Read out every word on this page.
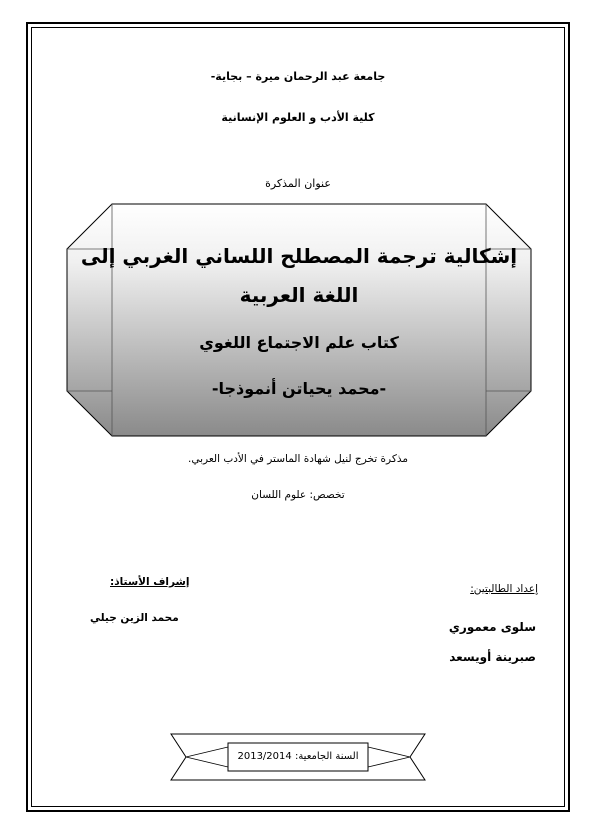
جامعة عبد الرحمان ميرة – بجاية-
كلية الأدب و العلوم الإنسانية
عنوان المذكرة
إشكالية ترجمة المصطلح اللساني الغربي إلى
اللغة العربية
كتاب علم الاجتماع اللغوي
-محمد يحياتن أنموذجا-
مذكرة تخرج لنيل شهادة الماستر في الأدب العربي.
تخصص: علوم اللسان
إشراف الأستاذ:
محمد الزين جيلي
إعداد الطالبتين:
سلوى معموري
صبرينة أويسعد
السنة الجامعية: 2013/2014
